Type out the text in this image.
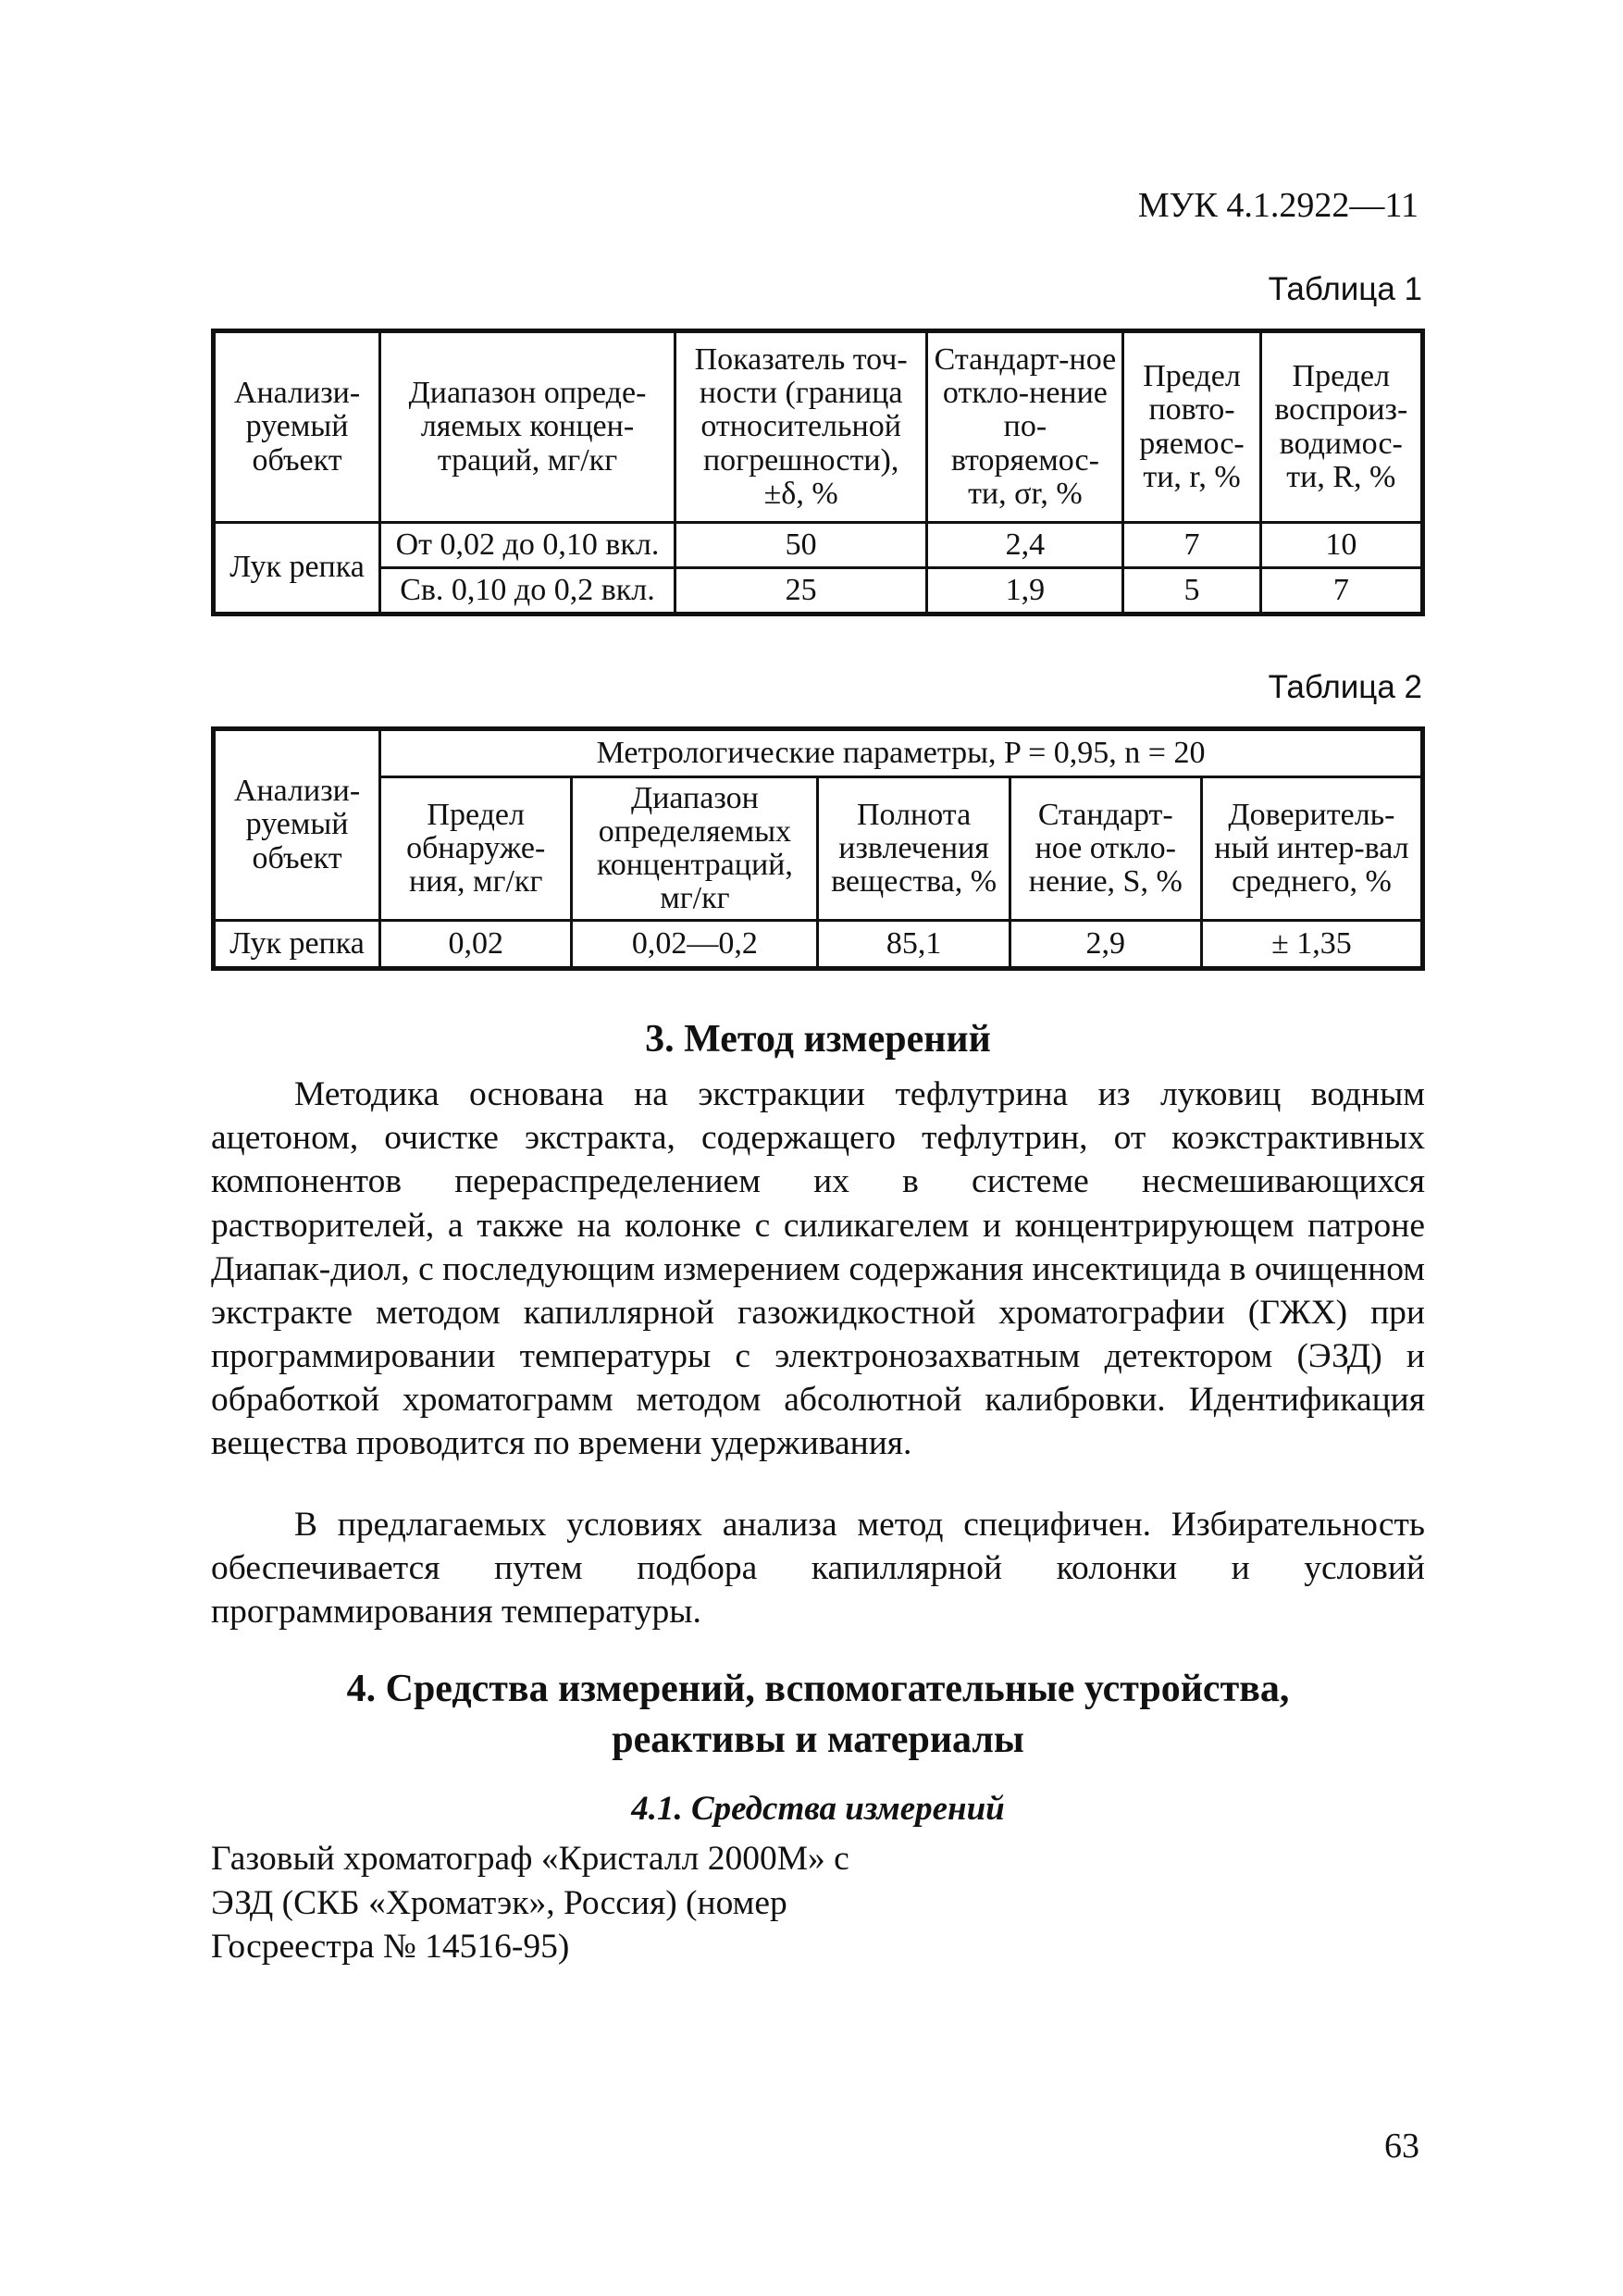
МУК 4.1.2922—11
Таблица 1
Анализи-руемый объект	Диапазон опреде-ляемых концен-траций, мг/кг	Показатель точ-ности (граница относительной погрешности), ±δ, %	Стандарт-ное откло-нение по-вторяемос-ти, σr, %	Предел повто-ряемос-ти, r, %	Предел воспроиз-водимос-ти, R, %
Лук репка	От 0,02 до 0,10 вкл.	50	2,4	7	10
	Св. 0,10 до 0,2 вкл.	25	1,9	5	7
Таблица 2
Анализи-руемый объект	Метрологические параметры, P = 0,95, n = 20				
	Предел обнаруже-ния, мг/кг	Диапазон определяемых концентраций, мг/кг	Полнота извлечения вещества, %	Стандарт-ное откло-нение, S, %	Доверитель-ный интер-вал среднего, %
Лук репка	0,02	0,02—0,2	85,1	2,9	± 1,35
3. Метод измерений

Методика основана на экстракции тефлутрина из луковиц водным ацетоном, очистке экстракта, содержащего тефлутрин, от коэкстрактивных компонентов перераспределением их в системе несмешивающихся растворителей, а также на колонке с силикагелем и концентрирующем патроне Диапак-диол, с последующим измерением содержания инсектицида в очищенном экстракте методом капиллярной газожидкостной хроматографии (ГЖХ) при программировании температуры с электронозахватным детектором (ЭЗД) и обработкой хроматограмм методом абсолютной калибровки. Идентификация вещества проводится по времени удерживания.

В предлагаемых условиях анализа метод специфичен. Избирательность обеспечивается путем подбора капиллярной колонки и условий программирования температуры.

4. Средства измерений, вспомогательные устройства,
реактивы и материалы
4.1. Средства измерений

Газовый хроматограф «Кристалл 2000М» с
ЭЗД (СКБ «Хроматэк», Россия) (номер
Госреестра № 14516-95)

63
